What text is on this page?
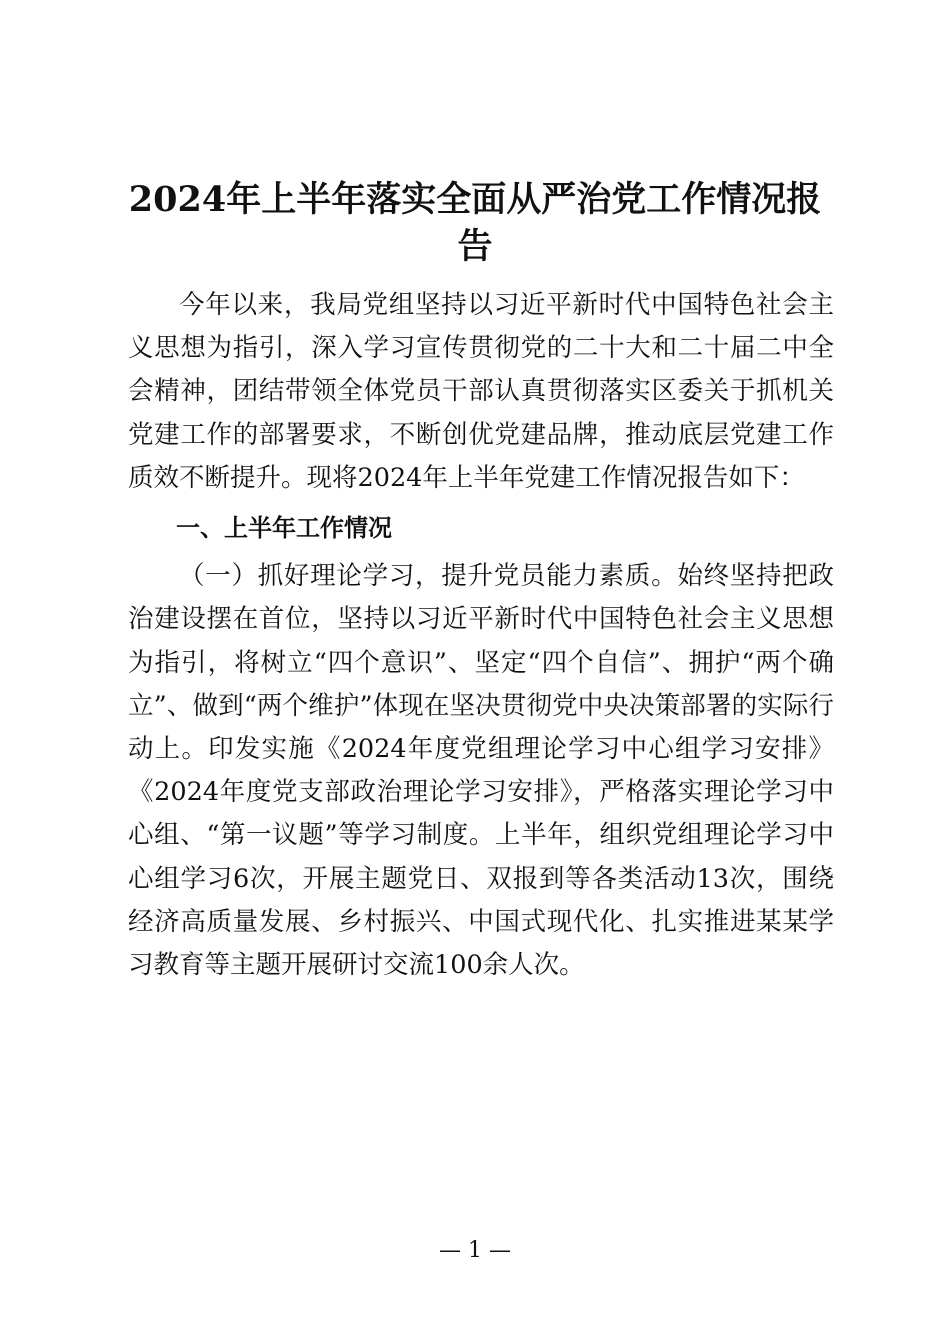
2024年上半年落实全面从严治党工作情况报告

今年以来，我局党组坚持以习近平新时代中国特色社会主义思想为指引，深入学习宣传贯彻党的二十大和二十届二中全会精神，团结带领全体党员干部认真贯彻落实区委关于抓机关党建工作的部署要求，不断创优党建品牌，推动底层党建工作质效不断提升。现将2024年上半年党建工作情况报告如下：

一、上半年工作情况

（一）抓好理论学习，提升党员能力素质。始终坚持把政治建设摆在首位，坚持以习近平新时代中国特色社会主义思想为指引，将树立“四个意识”、坚定“四个自信”、拥护“两个确立”、做到“两个维护”体现在坚决贯彻党中央决策部署的实际行动上。印发实施《2024年度党组理论学习中心组学习安排》《2024年度党支部政治理论学习安排》，严格落实理论学习中心组、“第一议题”等学习制度。上半年，组织党组理论学习中心组学习6次，开展主题党日、双报到等各类活动13次，围绕经济高质量发展、乡村振兴、中国式现代化、扎实推进某某学习教育等主题开展研讨交流100余人次。

— 1 —
